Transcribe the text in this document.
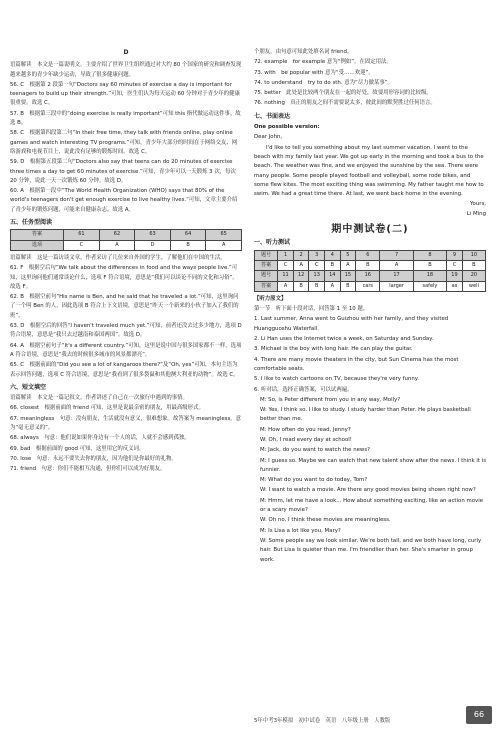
D

语篇解读　本文是一篇说明文。主要介绍了世界卫生组织通过对大约 80 个国家的研究和调查发现越来越多的青少年缺少运动，导致了很多健康问题。

56. C　根据第 2 段第一句“Doctors say 60 minutes of exercise a day is important for teenagers to build up their strength.”可知，医生们认为每天运动 60 分钟对于青少年的健康很重要。故选 C。

57. B　根据第三段中的“doing exercise is really important”可知 this 指代做运动这件事。故选 B。

58. C　根据第四段第二句“In their free time, they talk with friends online, play online games and watch interesting TV programs.”可知，青少年大部分的时间在于网络交友、网络游戏和电视节目上，说此没有足够的锻炼时间。故选 C。

59. D　根据第五段第二句“Doctors also say that teens can do 20 minutes of exercise three times a day to get 60 minutes of exercise.”可知，青少年可以一天锻炼 3 次，每次 20 分钟，说此一天一次锻炼 60 分钟。故选 D。

60. A　根据第一段中“The World Health Organization (WHO) says that 80% of the world's teenagers don't get enough exercise to live healthy lives.”可知，文章主要介绍了青少年的锻炼问题，可能来自健康杂志。故选 A。

五、任务型阅读
答案	61	62	63	64	65
选项	C	A	D	B	A

语篇解读　这是一篇访谈文章，作者采访了几位来自外国的学生，了解他们在中国的生活。

61. F　根据空后句“We talk about the differences in food and the ways people live.”可知，这里询问他们通常谈论什么，选项 F 符合语境，意思是“我们可以谈论不同的文化和习俗”。故选 F。

62. B　根据空前句“His name is Ben, and he said that he traveled a lot.”可知，这里询问了一个叫 Ben 的人，因此选项 B 符合上下文语境，意思是“昨天一个新来的小伙子加入了我们的班”。

63. D　根据空后的回答“I haven't traveled much yet.”可知，前者还没去过多少地方，选项 D 符合语境，意思是“我只去过越南和泰国两国”。故选 D。

64. A　根据空前句子“It's a different country.”可知，这里是说中国与很多国家都不一样，选项 A 符合语境，意思是“我去的时候很多城市的风景都漂亮”。

65. C　根据前面的“Did you see a lot of kangaroos there?”及“Oh, yes”可知，本句主语为表示回答问题，选项 C 符合语境，意思是“我看到了很多袋鼠和其他澳大利亚的动物”。故选 C。

六、短文填空

语篇解读　本文是一篇记叙文。作者讲述了自己在一次旅行中遇到的事情。

66. closest　根据前面的 friend 可知，这里是说最亲密的朋友，用最高级形式。

67. meaningless　句意：没有朋友，生活就没有意义，很难想象。故答案为 meaningless。意为“毫无意义的”。

68. always　句意：他们说如果你身边有一个人的话，人就不会感到孤独。

69. bad　根据前面的 good 可知，这里用它的反义词。

70. lose　句意：永远不要失去你的朋友，因为他们是你最好的礼物。

71. friend　句意：你们不能相互沟通，但你们可以成为好朋友。

个朋友，由句意可知此处填名词 friend。

72. example　for example 意为“例如”，在固定用法。

73. with　be popular with 意为“受……欢迎”。

74. to understand　try to do sth. 意为“尽力做某事”。

75. better　此处是比较两个朋友在一起的好处，故要用形容词的比较级。

76. nothing　真正的朋友之间不需要说太多，彼此间的默契胜过任何语言。

七、书面表达

One possible version:

Dear John,

I'd like to tell you something about my last summer vacation. I went to the beach with my family last year. We got up early in the morning and took a bus to the beach. The weather was fine, and we enjoyed the sunshine by the sea. There were many people. Some people played football and volleyball, some rode bikes, and some flew kites. The most exciting thing was swimming. My father taught me how to swim. We had a great time there. At last, we went back home in the evening.

Yours,

Li Ming

期中测试卷(二)
一、听力测试
题号	1	2	3	4	5	6	7	8	9	10
答案	C	A	C	B	A	B	A	B	C	B
题号	11	12	13	14	15	16	17	18	19	20
答案	A	B	B	A	B	cars	larger	safely	as	well

【听力原文】

第一节　听下面十段对话，回答第 1 至 10 题。

1. Last summer, Anna went to Guizhou with her family, and they visited Huangguoshu Waterfall.

2. Li Han uses the Internet twice a week, on Saturday and Sunday.

3. Michael is the boy with long hair. He can play the guitar.

4. There are many movie theaters in the city, but Sun Cinema has the most comfortable seats.

5. I like to watch cartoons on TV, because they're very funny.

6. 听对话，选择正确答案，可以试两遍。

M: So, is Peter different from you in any way, Molly?

W: Yes, I think so. I like to study. I study harder than Peter. He plays basketball better than me.

M: How often do you read, Jenny?

W: Oh, I read every day at school!

M: Jack, do you want to watch the news?

M: I guess so. Maybe we can watch that new talent show after the news. I think it is funnier.

M: What do you want to do today, Tom?

W: I want to watch a movie. Are there any good movies being shown right now?

M: Hmm, let me have a look... How about something exciting, like an action movie or a scary movie?

W: Oh no, I think these movies are meaningless.

M: Is Lisa a lot like you, Mary?

W: Some people say we look similar. We're both tall, and we both have long, curly hair. But Lisa is quieter than me. I'm friendlier than her. She's smarter in group work.

5年中考3年模拟　初中试卷　英语　八年级上册　人教版
66
